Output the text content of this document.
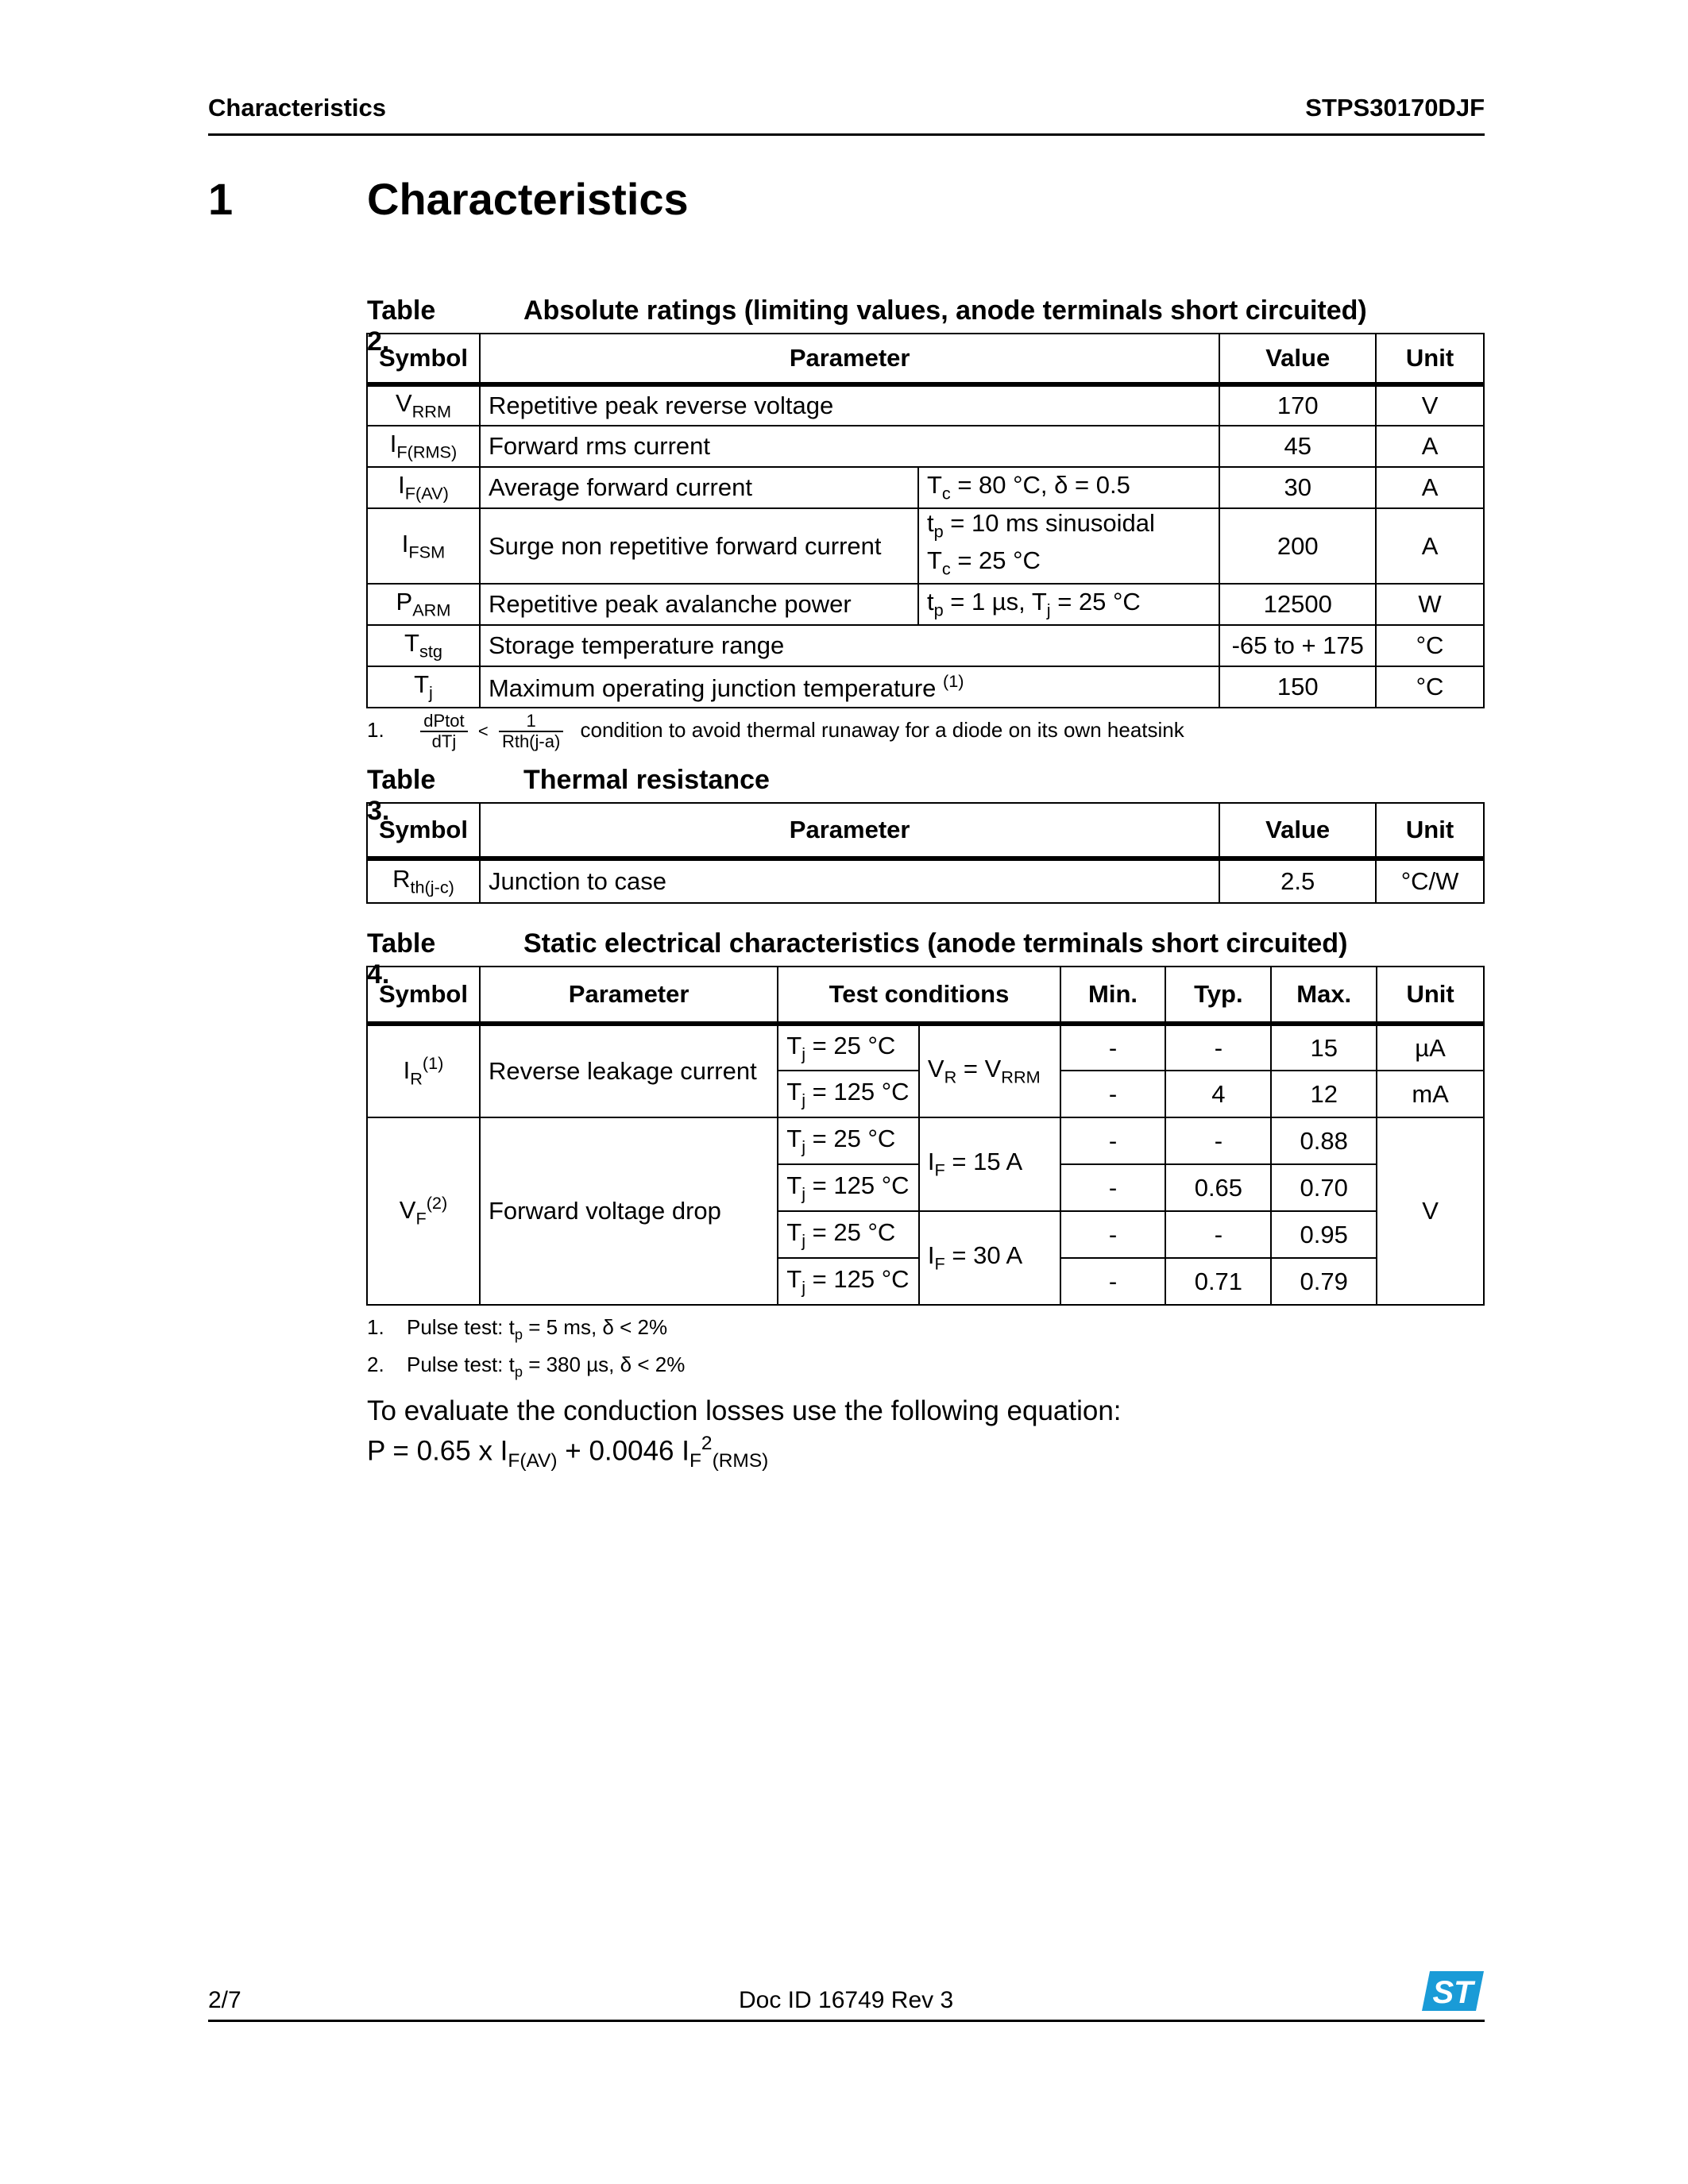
Characteristics	STPS30170DJF
1	Characteristics
Table 2.
Absolute ratings (limiting values, anode terminals short circuited)
Symbol	Parameter		Value	Unit
$V_{RRM}$	Repetitive peak reverse voltage		170	V
$I_{F(RMS)}$	Forward rms current		45	A
$I_{F(AV)}$	Average forward current	$T_c = 80$ °C, δ = 0.5	30	A
$I_{FSM}$	Surge non repetitive forward current	$t_p = 10$ ms sinusoidal
$T_c = 25$ °C	200	A
$P_{ARM}$	Repetitive peak avalanche power	$t_p = 1$ µs, $T_j = 25$ °C	12500	W
$T_{stg}$	Storage temperature range		-65 to + 175	°C
$T_j$	Maximum operating junction temperature $^{(1)}$		150	°C
1. $\frac{\text{dPtot}}{\text{dTj}} < \frac{1}{\text{Rth(j-a)}}$ condition to avoid thermal runaway for a diode on its own heatsink
Table 3.
Thermal resistance
Symbol	Parameter	Value	Unit
$R_{th(j-c)}$	Junction to case	2.5	°C/W
Table 4.
Static electrical characteristics (anode terminals short circuited)
Symbol	Parameter	Test conditions		Min.	Typ.	Max.	Unit
$I_R^{(1)}$	Reverse leakage current	$T_j = 25$ °C	$V_R = V_{RRM}$	-	-	15	µA
		$T_j = 125$ °C		-	4	12	mA
$V_F^{(2)}$	Forward voltage drop	$T_j = 25$ °C	$I_F = 15$ A	-	-	0.88	V
		$T_j = 125$ °C		-	0.65	0.70	
		$T_j = 25$ °C	$I_F = 30$ A	-	-	0.95	
		$T_j = 125$ °C		-	0.71	0.79	
1. Pulse test: $t_p = 5$ ms, δ < 2%
2. Pulse test: $t_p = 380$ µs, δ < 2%
To evaluate the conduction losses use the following equation:
P = 0.65 x $I_{F(AV)} + 0.0046$ $I_F^2_{(RMS)}$
2/7	Doc ID 16749 Rev 3	ST
